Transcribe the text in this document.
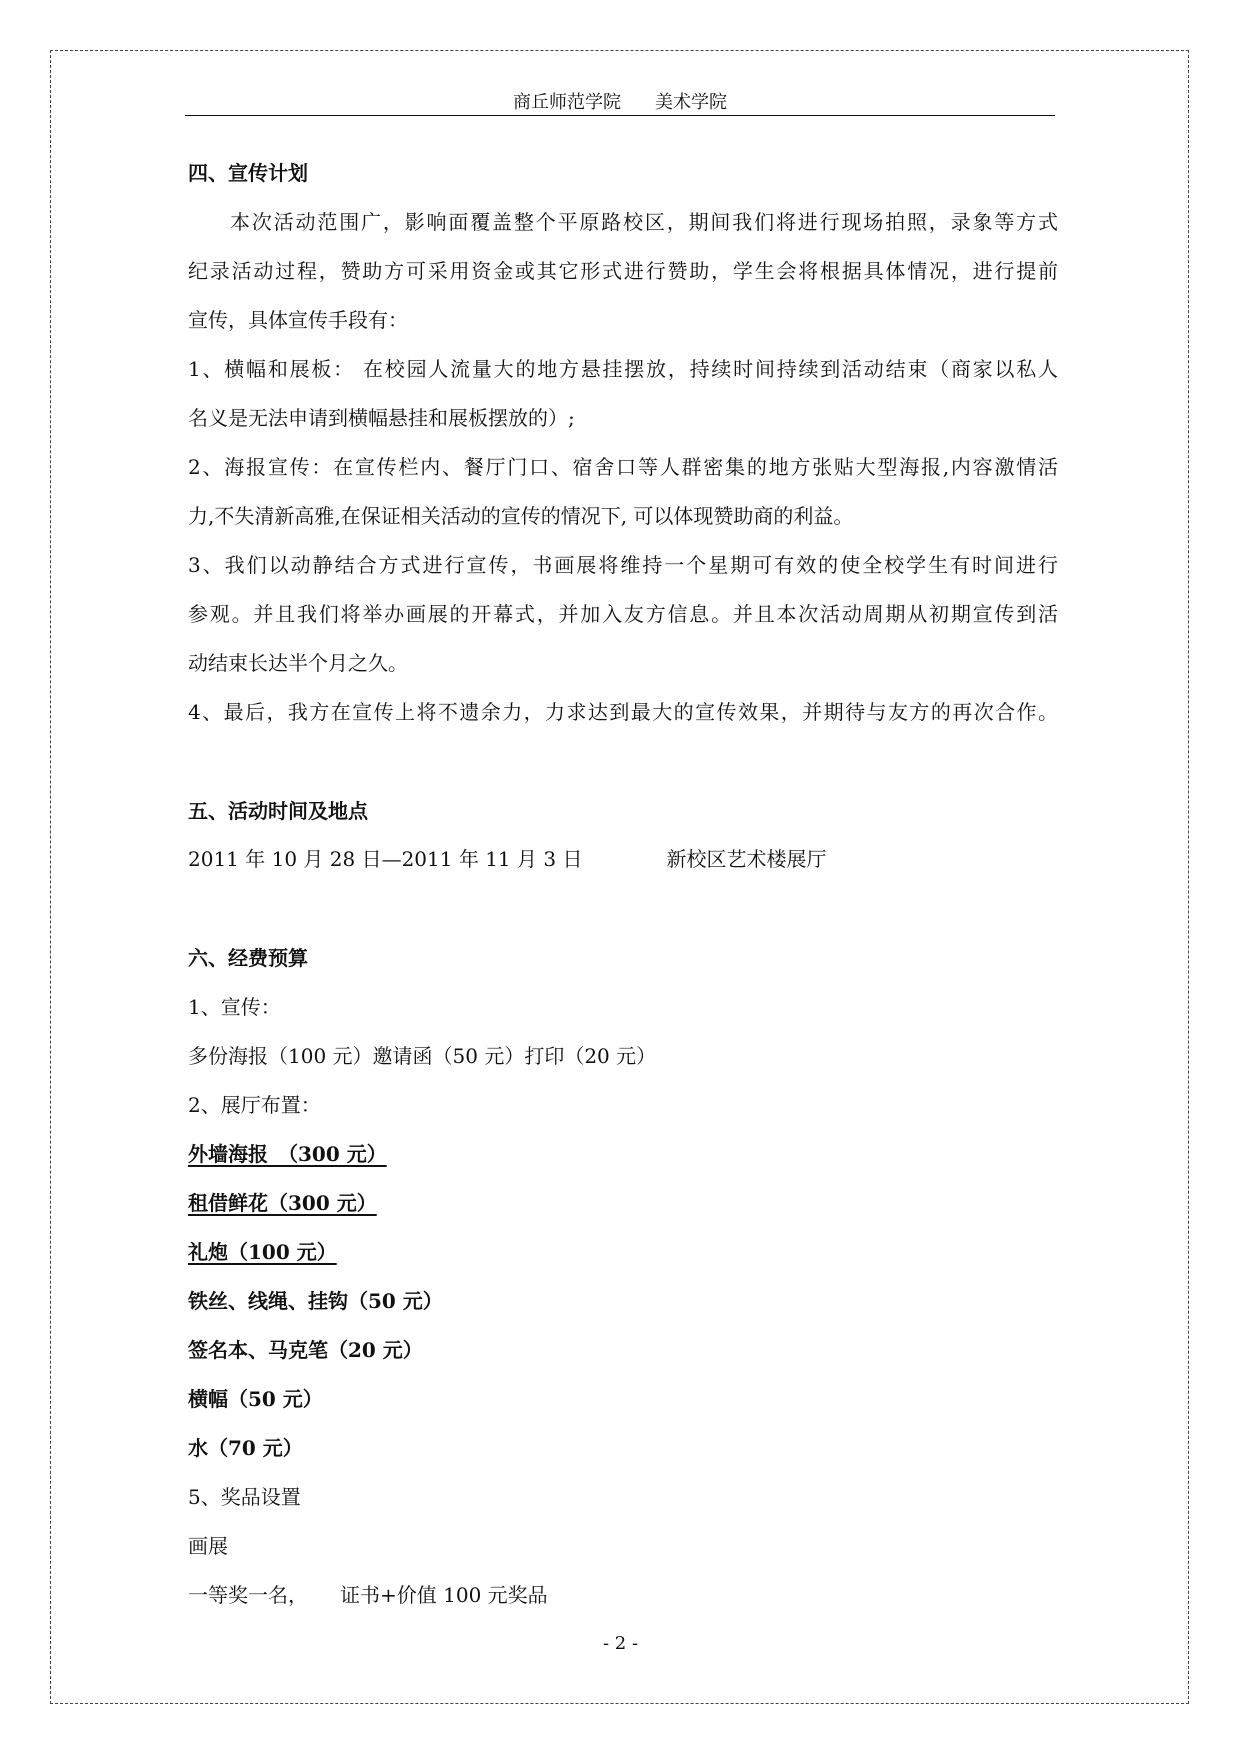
商丘师范学院 美术学院
四、宣传计划
本次活动范围广，影响面覆盖整个平原路校区，期间我们将进行现场拍照，录象等方式
纪录活动过程，赞助方可采用资金或其它形式进行赞助，学生会将根据具体情况，进行提前
宣传，具体宣传手段有：
1、横幅和展板： 在校园人流量大的地方悬挂摆放，持续时间持续到活动结束（商家以私人
名义是无法申请到横幅悬挂和展板摆放的）;
2、海报宣传：在宣传栏内、餐厅门口、宿舍口等人群密集的地方张贴大型海报,内容激情活
力,不失清新高雅,在保证相关活动的宣传的情况下, 可以体现赞助商的利益。
3、我们以动静结合方式进行宣传，书画展将维持一个星期可有效的使全校学生有时间进行
参观。并且我们将举办画展的开幕式，并加入友方信息。并且本次活动周期从初期宣传到活
动结束长达半个月之久。
4、最后，我方在宣传上将不遗余力，力求达到最大的宣传效果，并期待与友方的再次合作。
五、活动时间及地点
2011 年 10 月 28 日—2011 年 11 月 3 日	新校区艺术楼展厅
六、经费预算
1、宣传：
多份海报（100 元）邀请函（50 元）打印（20 元）
2、展厅布置：
外墙海报　（300 元）
租借鲜花（300 元）
礼炮（100 元）
铁丝、线绳、挂钩（50 元）
签名本、马克笔（20 元）
横幅（50 元）
水（70 元）
5、奖品设置
画展
一等奖一名， 证书+价值 100 元奖品
- 2 -
